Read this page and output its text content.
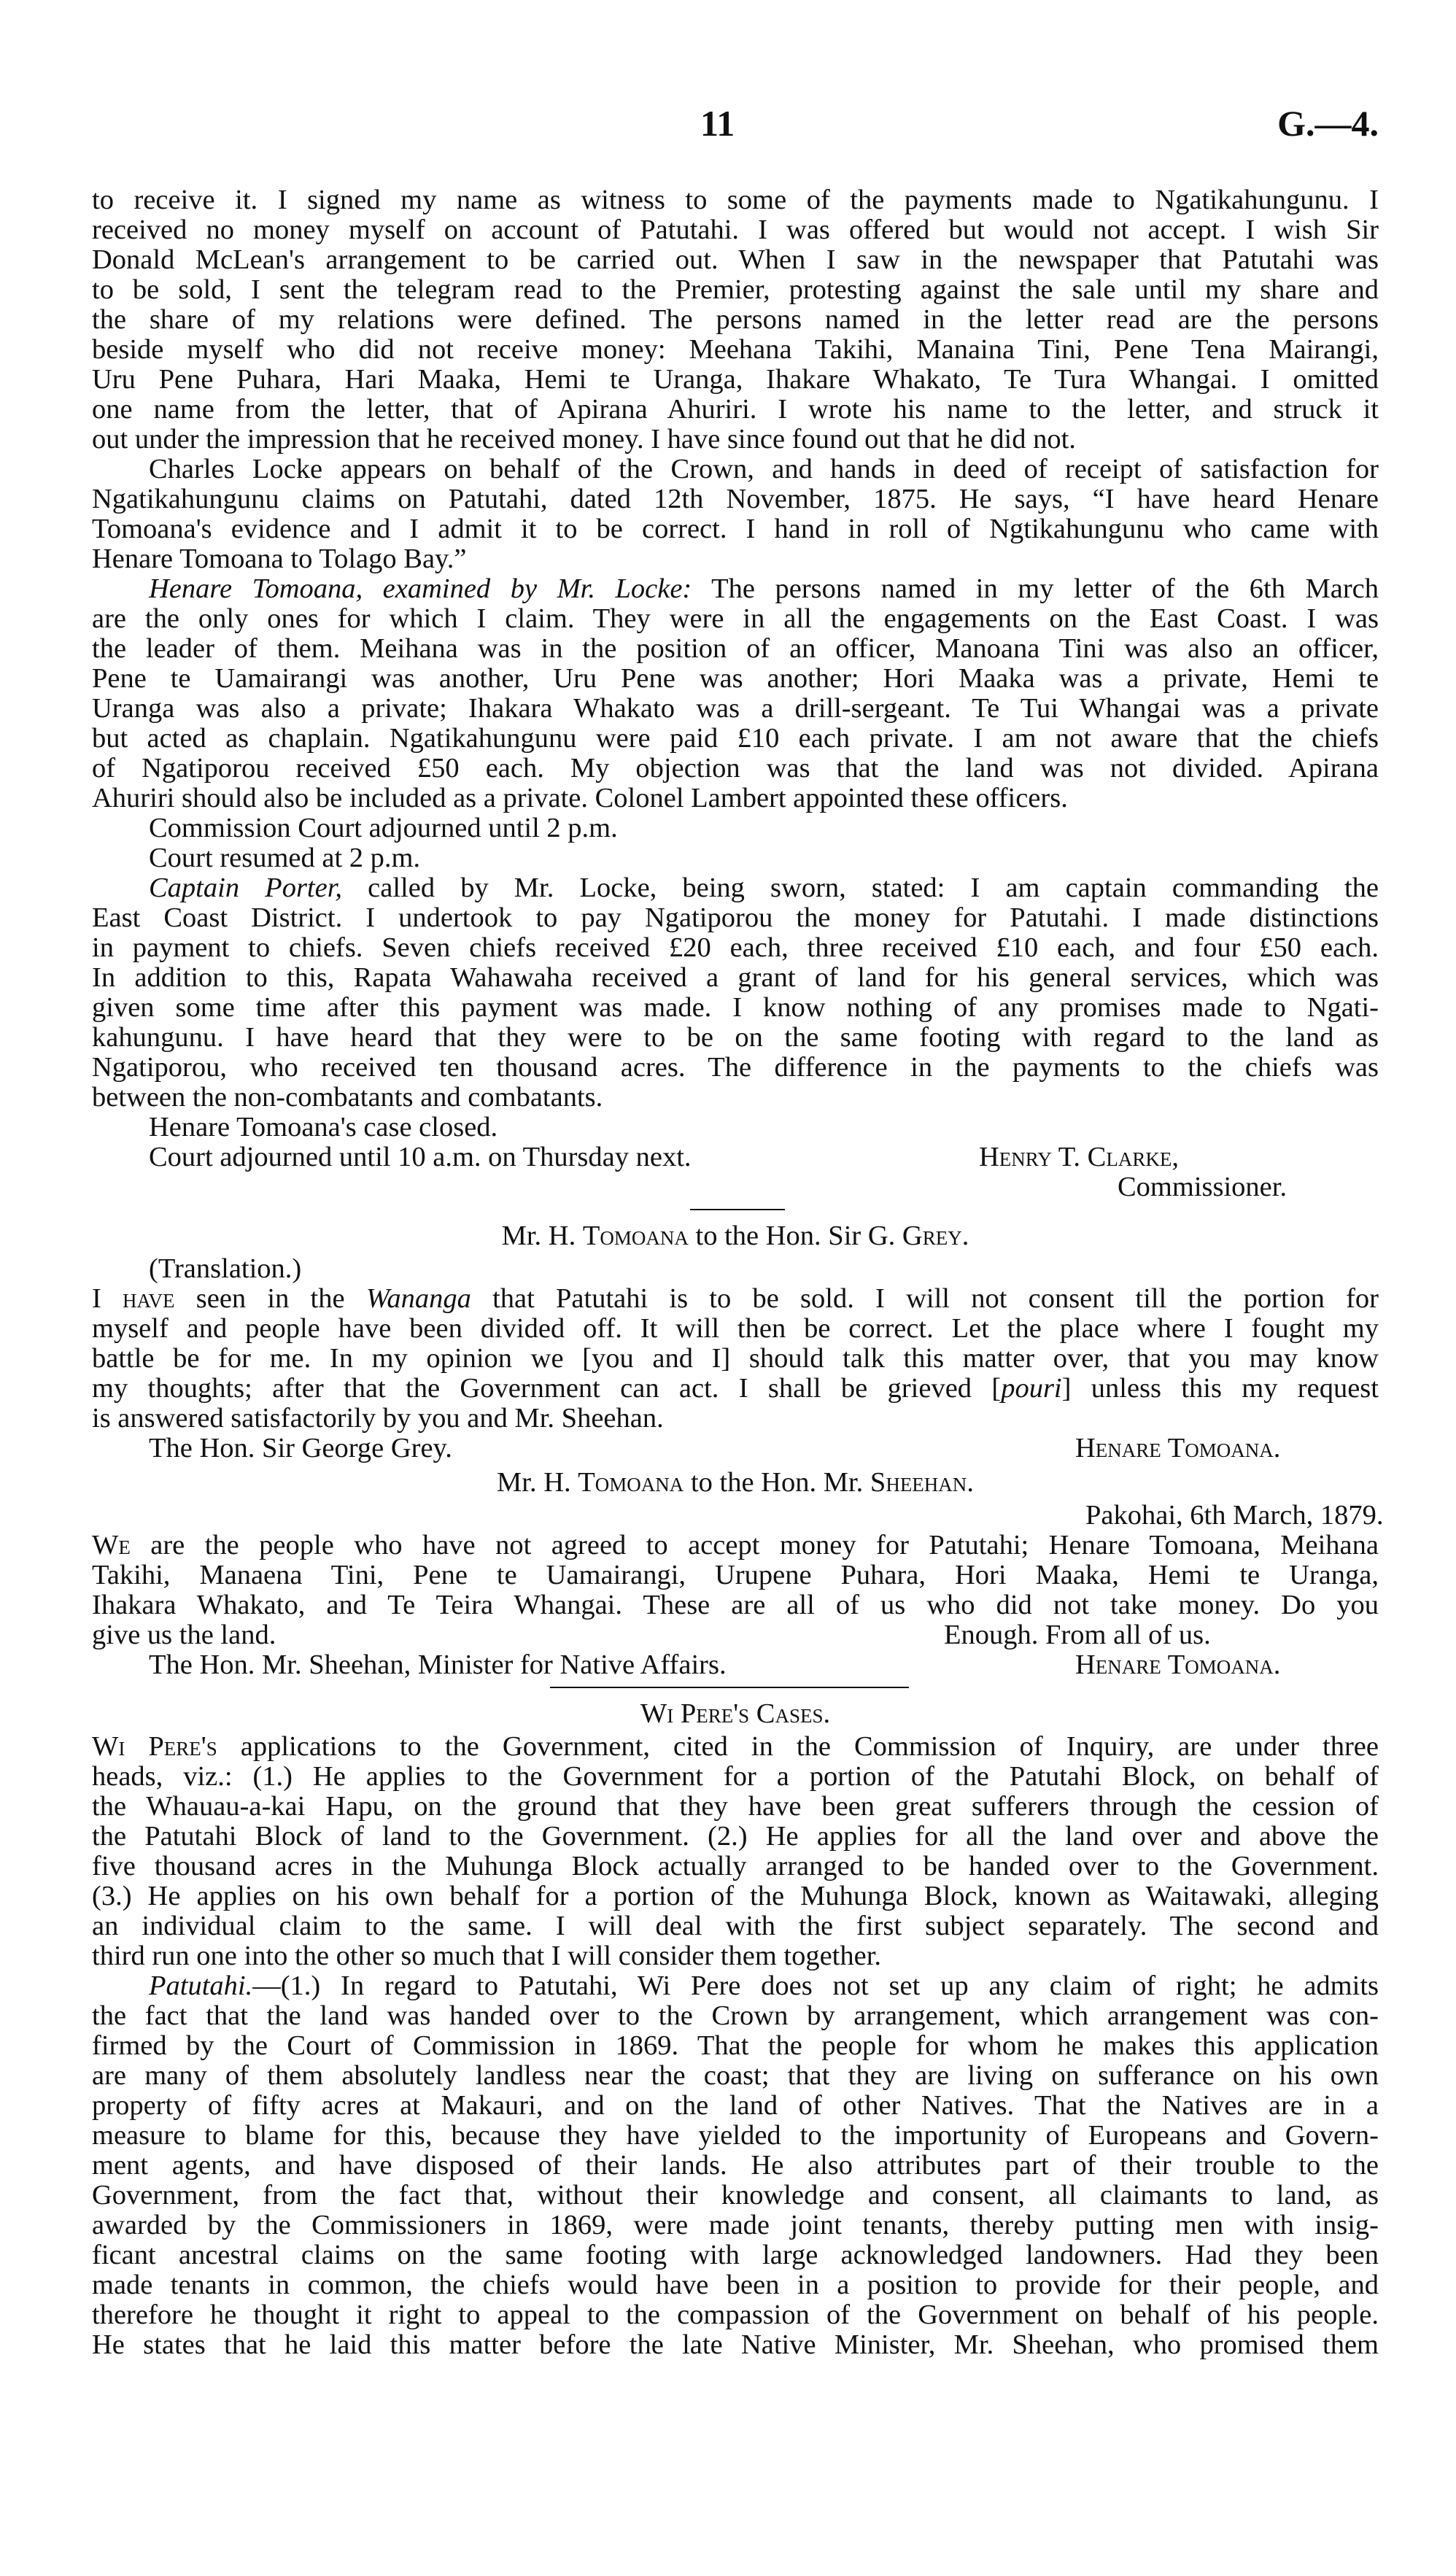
11	G.—4.
to receive it. I signed my name as witness to some of the payments made to Ngatikahungunu. I
received no money myself on account of Patutahi. I was offered but would not accept. I wish Sir
Donald McLean's arrangement to be carried out. When I saw in the newspaper that Patutahi was
to be sold, I sent the telegram read to the Premier, protesting against the sale until my share and
the share of my relations were defined. The persons named in the letter read are the persons
beside myself who did not receive money: Meehana Takihi, Manaina Tini, Pene Tena Mairangi,
Uru Pene Puhara, Hari Maaka, Hemi te Uranga, Ihakare Whakato, Te Tura Whangai. I omitted
one name from the letter, that of Apirana Ahuriri. I wrote his name to the letter, and struck it
out under the impression that he received money. I have since found out that he did not.
Charles Locke appears on behalf of the Crown, and hands in deed of receipt of satisfaction for
Ngatikahungunu claims on Patutahi, dated 12th November, 1875. He says, “I have heard Henare
Tomoana's evidence and I admit it to be correct. I hand in roll of Ngtikahungunu who came with
Henare Tomoana to Tolago Bay.”
Henare Tomoana, examined by Mr. Locke: The persons named in my letter of the 6th March
are the only ones for which I claim. They were in all the engagements on the East Coast. I was
the leader of them. Meihana was in the position of an officer, Manoana Tini was also an officer,
Pene te Uamairangi was another, Uru Pene was another; Hori Maaka was a private, Hemi te
Uranga was also a private; Ihakara Whakato was a drill-sergeant. Te Tui Whangai was a private
but acted as chaplain. Ngatikahungunu were paid £10 each private. I am not aware that the chiefs
of Ngatiporou received £50 each. My objection was that the land was not divided. Apirana
Ahuriri should also be included as a private. Colonel Lambert appointed these officers.
Commission Court adjourned until 2 p.m.
Court resumed at 2 p.m.
Captain Porter, called by Mr. Locke, being sworn, stated: I am captain commanding the
East Coast District. I undertook to pay Ngatiporou the money for Patutahi. I made distinctions
in payment to chiefs. Seven chiefs received £20 each, three received £10 each, and four £50 each.
In addition to this, Rapata Wahawaha received a grant of land for his general services, which was
given some time after this payment was made. I know nothing of any promises made to Ngati-
kahungunu. I have heard that they were to be on the same footing with regard to the land as
Ngatiporou, who received ten thousand acres. The difference in the payments to the chiefs was
between the non-combatants and combatants.
Henare Tomoana's case closed.
Court adjourned until 10 a.m. on Thursday next.	Henry T. Clarke,
Commissioner.
Mr. H. Tomoana to the Hon. Sir G. Grey.
(Translation.)
I have seen in the Wananga that Patutahi is to be sold. I will not consent till the portion for
myself and people have been divided off. It will then be correct. Let the place where I fought my
battle be for me. In my opinion we [you and I] should talk this matter over, that you may know
my thoughts; after that the Government can act. I shall be grieved [pouri] unless this my request
is answered satisfactorily by you and Mr. Sheehan.
The Hon. Sir George Grey.	Henare Tomoana.
Mr. H. Tomoana to the Hon. Mr. Sheehan.
Pakohai, 6th March, 1879.
We are the people who have not agreed to accept money for Patutahi; Henare Tomoana, Meihana
Takihi, Manaena Tini, Pene te Uamairangi, Urupene Puhara, Hori Maaka, Hemi te Uranga,
Ihakara Whakato, and Te Teira Whangai. These are all of us who did not take money. Do you
give us the land.	Enough. From all of us.
The Hon. Mr. Sheehan, Minister for Native Affairs.	Henare Tomoana.
Wi Pere's Cases.
Wi Pere's applications to the Government, cited in the Commission of Inquiry, are under three
heads, viz.: (1.) He applies to the Government for a portion of the Patutahi Block, on behalf of
the Whauau-a-kai Hapu, on the ground that they have been great sufferers through the cession of
the Patutahi Block of land to the Government. (2.) He applies for all the land over and above the
five thousand acres in the Muhunga Block actually arranged to be handed over to the Government.
(3.) He applies on his own behalf for a portion of the Muhunga Block, known as Waitawaki, alleging
an individual claim to the same. I will deal with the first subject separately. The second and
third run one into the other so much that I will consider them together.
Patutahi.—(1.) In regard to Patutahi, Wi Pere does not set up any claim of right; he admits
the fact that the land was handed over to the Crown by arrangement, which arrangement was con-
firmed by the Court of Commission in 1869. That the people for whom he makes this application
are many of them absolutely landless near the coast; that they are living on sufferance on his own
property of fifty acres at Makauri, and on the land of other Natives. That the Natives are in a
measure to blame for this, because they have yielded to the importunity of Europeans and Govern-
ment agents, and have disposed of their lands. He also attributes part of their trouble to the
Government, from the fact that, without their knowledge and consent, all claimants to land, as
awarded by the Commissioners in 1869, were made joint tenants, thereby putting men with insig-
ficant ancestral claims on the same footing with large acknowledged landowners. Had they been
made tenants in common, the chiefs would have been in a position to provide for their people, and
therefore he thought it right to appeal to the compassion of the Government on behalf of his people.
He states that he laid this matter before the late Native Minister, Mr. Sheehan, who promised them
